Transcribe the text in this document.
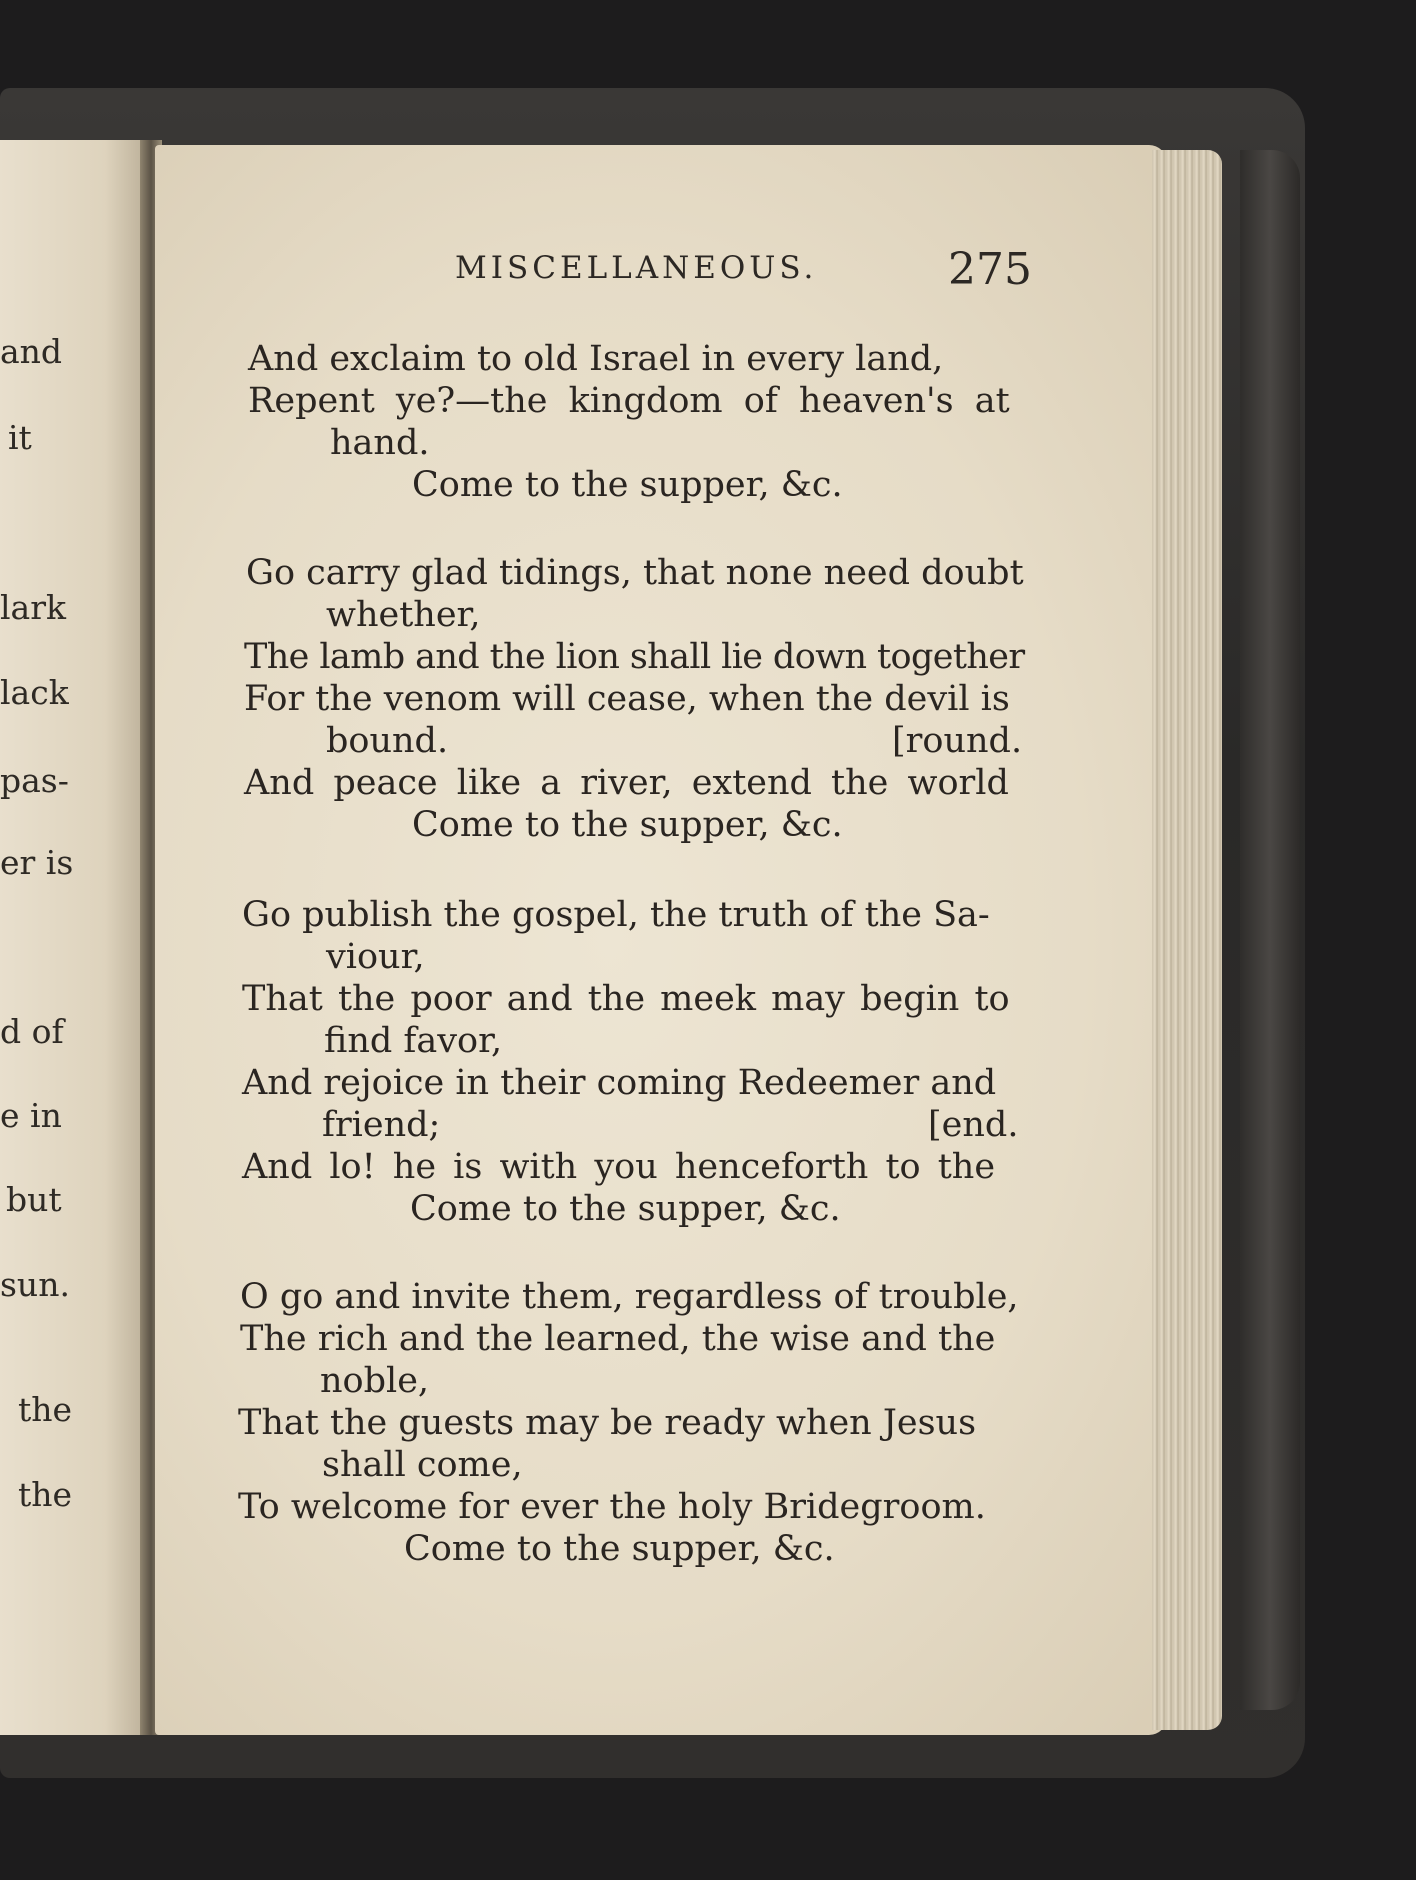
and
it
lark
lack
pas-
er is
d of
e in
but
sun.
the
the
MISCELLANEOUS.	275
And exclaim to old Israel in every land,
Repent ye?—the kingdom of heaven's at
hand.
Come to the supper, &c.
Go carry glad tidings, that none need doubt
whether,
The lamb and the lion shall lie down together
For the venom will cease, when the devil is
bound.	[round.
And peace like a river, extend the world
Come to the supper, &c.
Go publish the gospel, the truth of the Sa-
viour,
That the poor and the meek may begin to
find favor,
And rejoice in their coming Redeemer and
friend;	[end.
And lo! he is with you henceforth to the
Come to the supper, &c.
O go and invite them, regardless of trouble,
The rich and the learned, the wise and the
noble,
That the guests may be ready when Jesus
shall come,
To welcome for ever the holy Bridegroom.
Come to the supper, &c.
